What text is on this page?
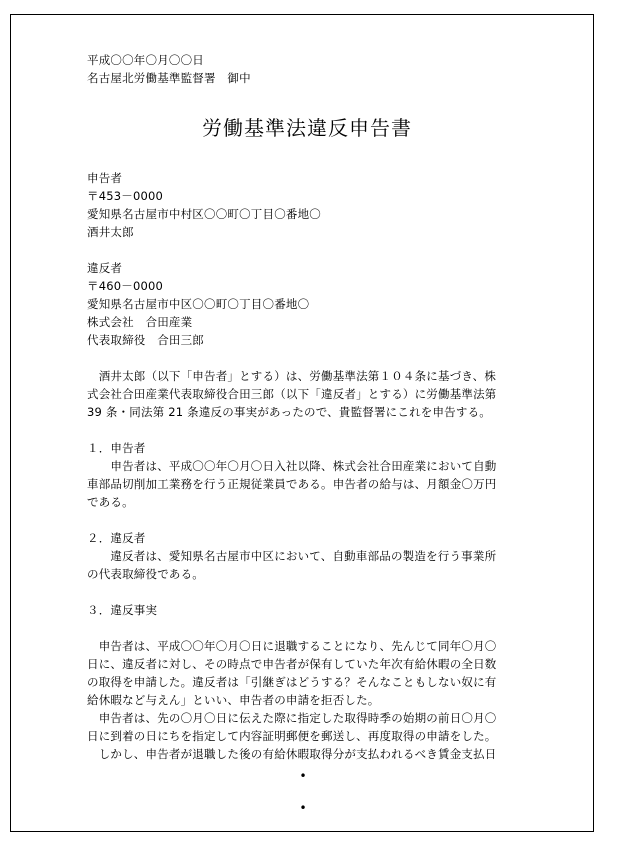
平成〇〇年〇月〇〇日
名古屋北労働基準監督署　御中
労働基準法違反申告書
申告者
〒453－0000
愛知県名古屋市中村区〇〇町〇丁目〇番地〇
酒井太郎
違反者
〒460－0000
愛知県名古屋市中区〇〇町〇丁目〇番地〇
株式会社　合田産業
代表取締役　合田三郎
　酒井太郎（以下「申告者」とする）は、労働基準法第１０４条に基づき、株
式会社合田産業代表取締役合田三郎（以下「違反者」とする）に労働基準法第
39 条・同法第 21 条違反の事実があったので、貴監督署にこれを申告する。
１．申告者
　　申告者は、平成〇〇年〇月〇日入社以降、株式会社合田産業において自動
車部品切削加工業務を行う正規従業員である。申告者の給与は、月額金〇万円
である。
２．違反者
　　違反者は、愛知県名古屋市中区において、自動車部品の製造を行う事業所
の代表取締役である。
３．違反事実
　申告者は、平成〇〇年〇月〇日に退職することになり、先んじて同年〇月〇
日に、違反者に対し、その時点で申告者が保有していた年次有給休暇の全日数
の取得を申請した。違反者は「引継ぎはどうする？そんなこともしない奴に有
給休暇など与えん」といい、申告者の申請を拒否した。
　申告者は、先の〇月〇日に伝えた際に指定した取得時季の始期の前日〇月〇
日に到着の日にちを指定して内容証明郵便を郵送し、再度取得の申請をした。
　しかし、申告者が退職した後の有給休暇取得分が支払われるべき賃金支払日
•
•
